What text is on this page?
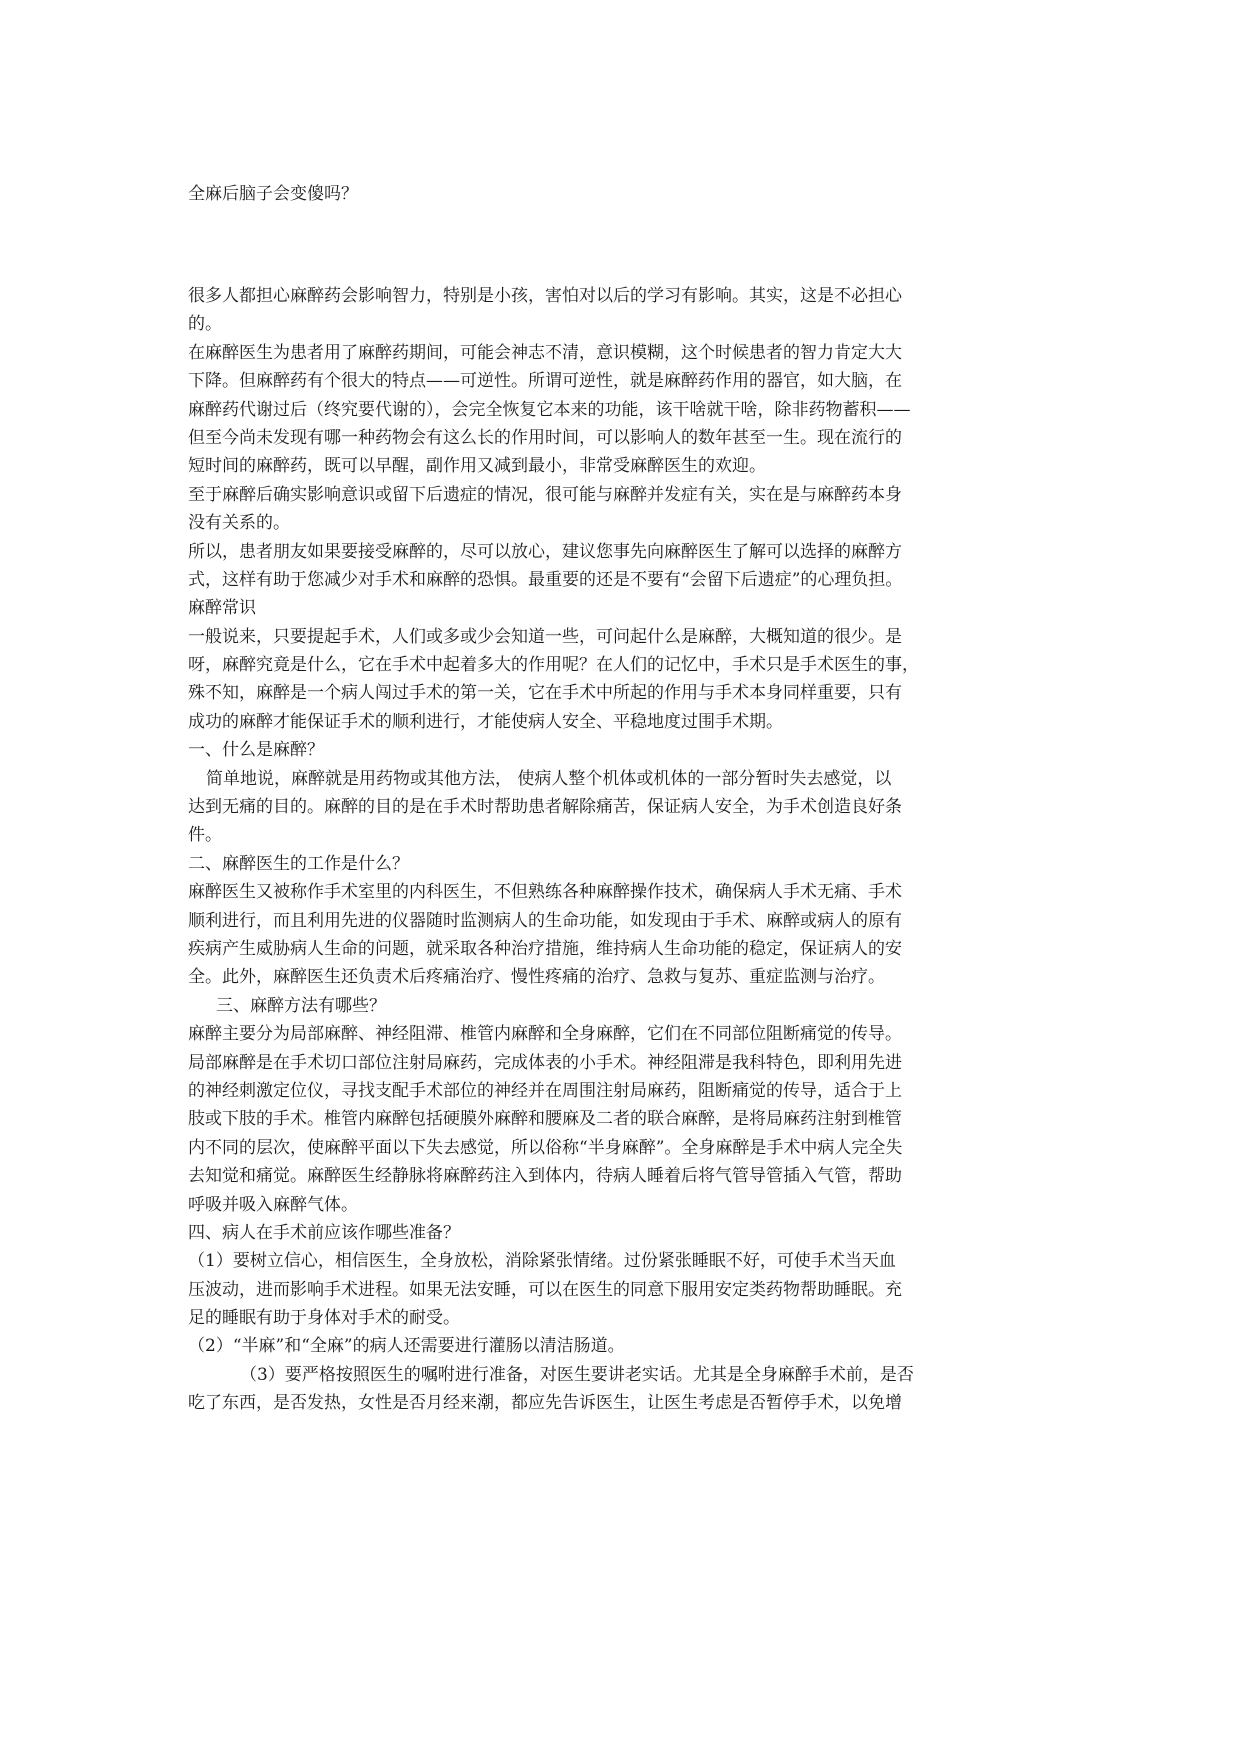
全麻后脑子会变傻吗？
很多人都担心麻醉药会影响智力，特别是小孩，害怕对以后的学习有影响。其实，这是不必担心
的。
在麻醉医生为患者用了麻醉药期间，可能会神志不清，意识模糊，这个时候患者的智力肯定大大
下降。但麻醉药有个很大的特点——可逆性。所谓可逆性，就是麻醉药作用的器官，如大脑，在
麻醉药代谢过后（终究要代谢的），会完全恢复它本来的功能，该干啥就干啥，除非药物蓄积——
但至今尚未发现有哪一种药物会有这么长的作用时间，可以影响人的数年甚至一生。现在流行的
短时间的麻醉药，既可以早醒，副作用又减到最小，非常受麻醉医生的欢迎。
至于麻醉后确实影响意识或留下后遗症的情况，很可能与麻醉并发症有关，实在是与麻醉药本身
没有关系的。
所以，患者朋友如果要接受麻醉的，尽可以放心，建议您事先向麻醉医生了解可以选择的麻醉方
式，这样有助于您减少对手术和麻醉的恐惧。最重要的还是不要有“会留下后遗症”的心理负担。
麻醉常识
一般说来，只要提起手术，人们或多或少会知道一些，可问起什么是麻醉，大概知道的很少。是
呀，麻醉究竟是什么，它在手术中起着多大的作用呢？在人们的记忆中，手术只是手术医生的事，
殊不知，麻醉是一个病人闯过手术的第一关，它在手术中所起的作用与手术本身同样重要，只有
成功的麻醉才能保证手术的顺利进行，才能使病人安全、平稳地度过围手术期。
一、什么是麻醉？
简单地说，麻醉就是用药物或其他方法， 使病人整个机体或机体的一部分暂时失去感觉，以
达到无痛的目的。麻醉的目的是在手术时帮助患者解除痛苦，保证病人安全，为手术创造良好条
件。
二、麻醉医生的工作是什么？
麻醉医生又被称作手术室里的内科医生，不但熟练各种麻醉操作技术，确保病人手术无痛、手术
顺利进行，而且利用先进的仪器随时监测病人的生命功能，如发现由于手术、麻醉或病人的原有
疾病产生威胁病人生命的问题，就采取各种治疗措施，维持病人生命功能的稳定，保证病人的安
全。此外，麻醉医生还负责术后疼痛治疗、慢性疼痛的治疗、急救与复苏、重症监测与治疗。
三、麻醉方法有哪些？
麻醉主要分为局部麻醉、神经阻滞、椎管内麻醉和全身麻醉，它们在不同部位阻断痛觉的传导。
局部麻醉是在手术切口部位注射局麻药，完成体表的小手术。神经阻滞是我科特色，即利用先进
的神经刺激定位仪，寻找支配手术部位的神经并在周围注射局麻药，阻断痛觉的传导，适合于上
肢或下肢的手术。椎管内麻醉包括硬膜外麻醉和腰麻及二者的联合麻醉，是将局麻药注射到椎管
内不同的层次，使麻醉平面以下失去感觉，所以俗称“半身麻醉”。全身麻醉是手术中病人完全失
去知觉和痛觉。麻醉医生经静脉将麻醉药注入到体内，待病人睡着后将气管导管插入气管，帮助
呼吸并吸入麻醉气体。
四、病人在手术前应该作哪些准备？
（1）要树立信心，相信医生，全身放松，消除紧张情绪。过份紧张睡眠不好，可使手术当天血
压波动，进而影响手术进程。如果无法安睡，可以在医生的同意下服用安定类药物帮助睡眠。充
足的睡眠有助于身体对手术的耐受。
（2）“半麻”和“全麻”的病人还需要进行灌肠以清洁肠道。
（3）要严格按照医生的嘱咐进行准备，对医生要讲老实话。尤其是全身麻醉手术前，是否
吃了东西，是否发热，女性是否月经来潮，都应先告诉医生，让医生考虑是否暂停手术，以免增
